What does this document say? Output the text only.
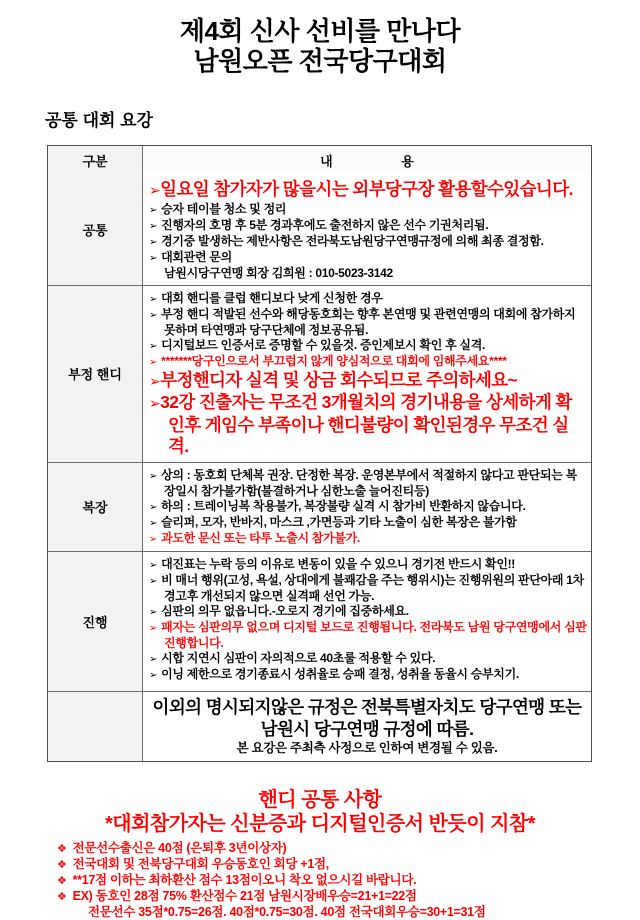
제4회 신사 선비를 만나다
남원오픈 전국당구대회
공통 대회 요강
구분	내                   용
공통
➢일요일 참가자가 많을시는 외부당구장 활용할수있습니다.
➢ 승자 테이블 청소 및 정리
➢ 진행자의 호명 후 5분 경과후에도 출전하지 않은 선수 기권처리됨.
➢ 경기중 발생하는 제반사항은 전라북도남원당구연맹규정에 의해 최종 결정함.
➢ 대회관련 문의
남원시당구연맹 회장 김희원 : 010-5023-3142
부정 핸디
➢ 대회 핸디를 클럽 핸디보다 낮게 신청한 경우
➢ 부정 핸디 적발된 선수와 해당동호회는 향후 본연맹 및 관련연맹의 대회에 참가하지 못하며 타연맹과 당구단체에 정보공유됨.
➢ 디지털보드 인증서로 증명할 수 있을것. 증인제보시 확인 후 실격.
➢ *******당구인으로서 부끄럽지 않게 양심적으로 대회에 임해주세요****
➢부정핸디자 실격 및 상금 회수되므로 주의하세요~
➢32강 진출자는 무조건 3개월치의 경기내용을 상세하게 확인후 게임수 부족이나 핸디불량이 확인된경우 무조건 실격.
복장
➢ 상의 : 동호회 단체복 권장. 단정한 복장. 운영본부에서 적절하지 않다고 판단되는 복장일시 참가불가함(불결하거나 심한노출 늘어진티등)
➢ 하의 : 트레이닝복 착용불가, 복장불량 실격 시 참가비 반환하지 않습니다.
➢ 슬리퍼, 모자, 반바지, 마스크 ,가면등과 기타 노출이 심한 복장은 불가함
➢ 과도한 문신 또는 타투 노출시 참가불가.
진행
➢ 대진표는 누락 등의 이유로 변동이 있을 수 있으니 경기전 반드시 확인!!
➢ 비 매너 행위(고성, 욕설, 상대에게 불쾌감을 주는 행위시)는 진행위원의 판단아래 1차경고후 개선되지 않으면 실격패 선언 가능.
➢ 심판의 의무 없읍니다.-오로지 경기에 집중하세요.
➢ 패자는 심판의무 없으며 디지털 보드로 진행됩니다. 전라북도 남원 당구연맹에서 심판 진행합니다.
➢ 시합 지연시 심판이 자의적으로 40초룰 적용할 수 있다.
➢ 이닝 제한으로 경기종료시 성취율로 승패 결정, 성취율 동율시 승부치기.
이외의 명시되지않은 규정은 전북특별자치도 당구연맹 또는 남원시 당구연맹 규정에 따름.
본 요강은 주최측 사정으로 인하여 변경될 수 있음.
핸디 공통 사항
*대회참가자는 신분증과 디지털인증서 반듯이 지참*
❖ 전문선수출신은 40점 (은퇴후 3년이상자)
❖ 전국대회 및 전북당구대회 우승동호인 회당 +1점,
❖ **17점 이하는 최하환산 점수 13점이오니 착오 없으시길 바랍니다.
❖ EX) 동호인 28점 75% 환산점수 21점 남원시장배우승=21+1=22점
전문선수 35점*0.75=26점. 40점*0.75=30점. 40점 전국대회우승=30+1=31점
